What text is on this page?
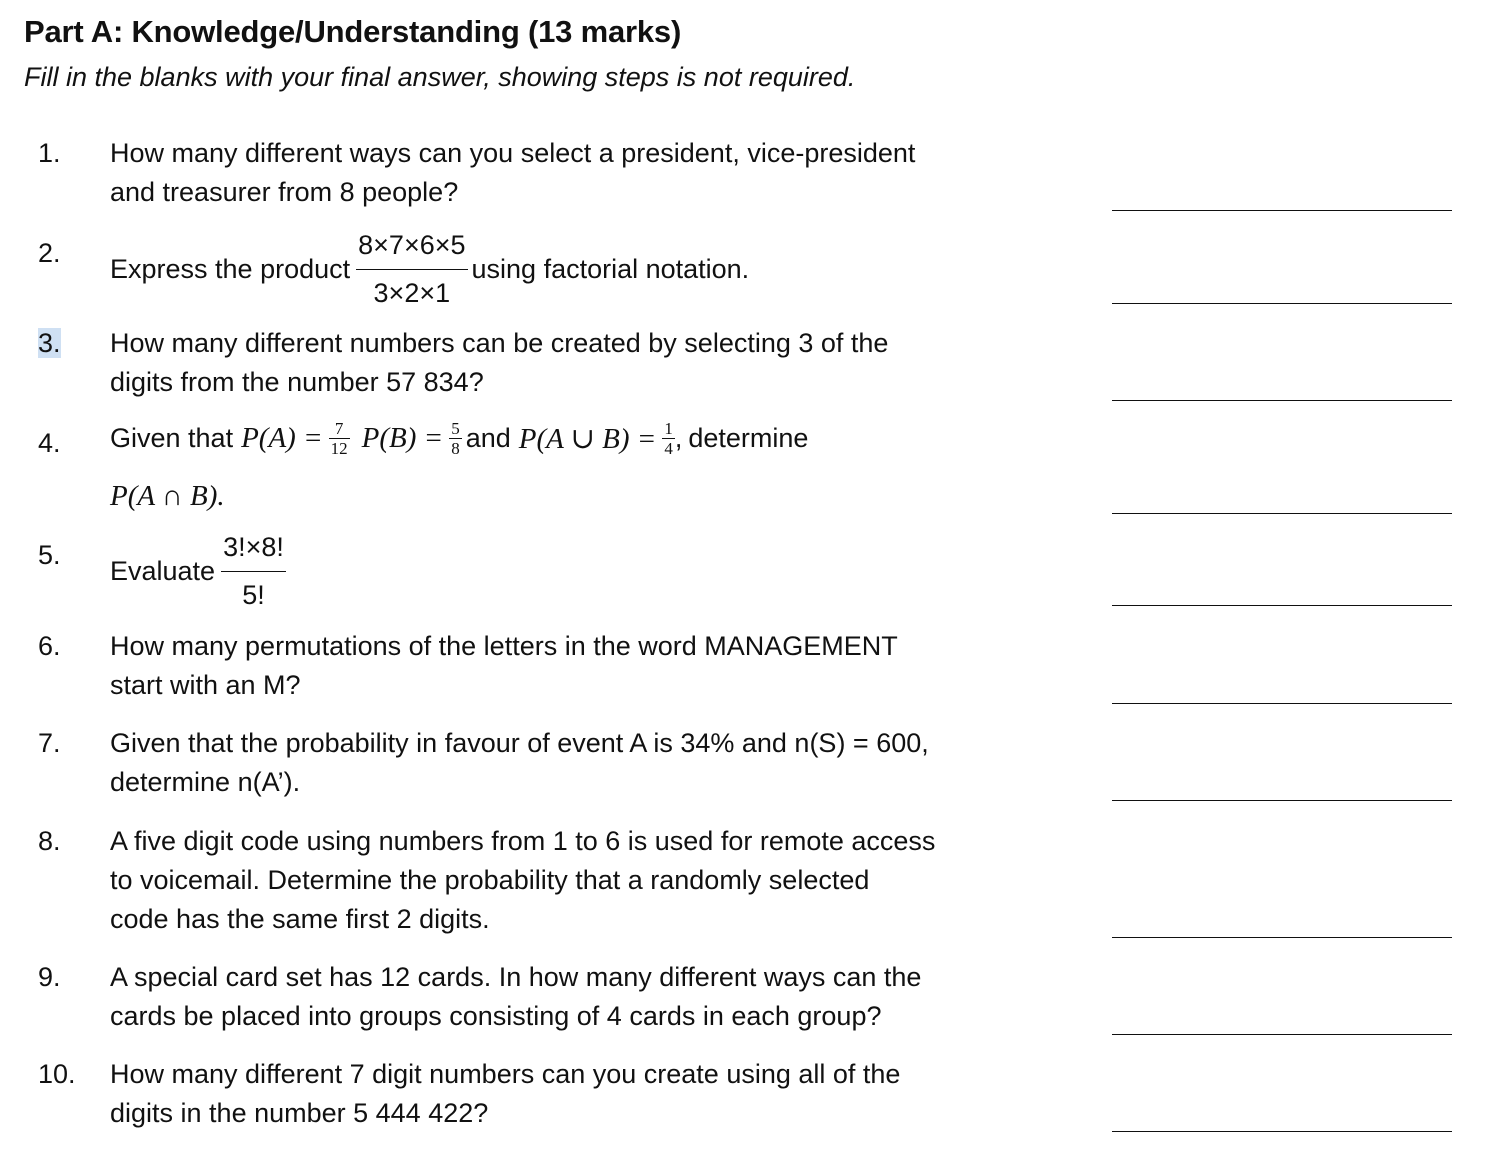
Part A: Knowledge/Understanding (13 marks)
Fill in the blanks with your final answer, showing steps is not required.
1. How many different ways can you select a president, vice-president
and treasurer from 8 people?
2.
Express the product $\frac{8\times 7\times 6\times 5}{3\times 2\times 1}$ using factorial notation.
3. How many different numbers can be created by selecting 3 of the
digits from the number 57 834?
4. Given that $P(A) = \frac{7}{12} P(B) = \frac{5}{8}$ and P(A ∪ $B) = \frac{1}{4}$ , determine
P(A ∩ B).
5.
Evaluate $\frac{3!\times 8!}{5!}$
6. How many permutations of the letters in the word MANAGEMENT
start with an M?
7. Given that the probability in favour of event A is 34% and n(S) = 600,
determine n(A’).
8. A five digit code using numbers from 1 to 6 is used for remote access
to voicemail. Determine the probability that a randomly selected
code has the same first 2 digits.
9. A special card set has 12 cards. In how many different ways can the
cards be placed into groups consisting of 4 cards in each group?
10. How many different 7 digit numbers can you create using all of the
digits in the number 5 444 422?
